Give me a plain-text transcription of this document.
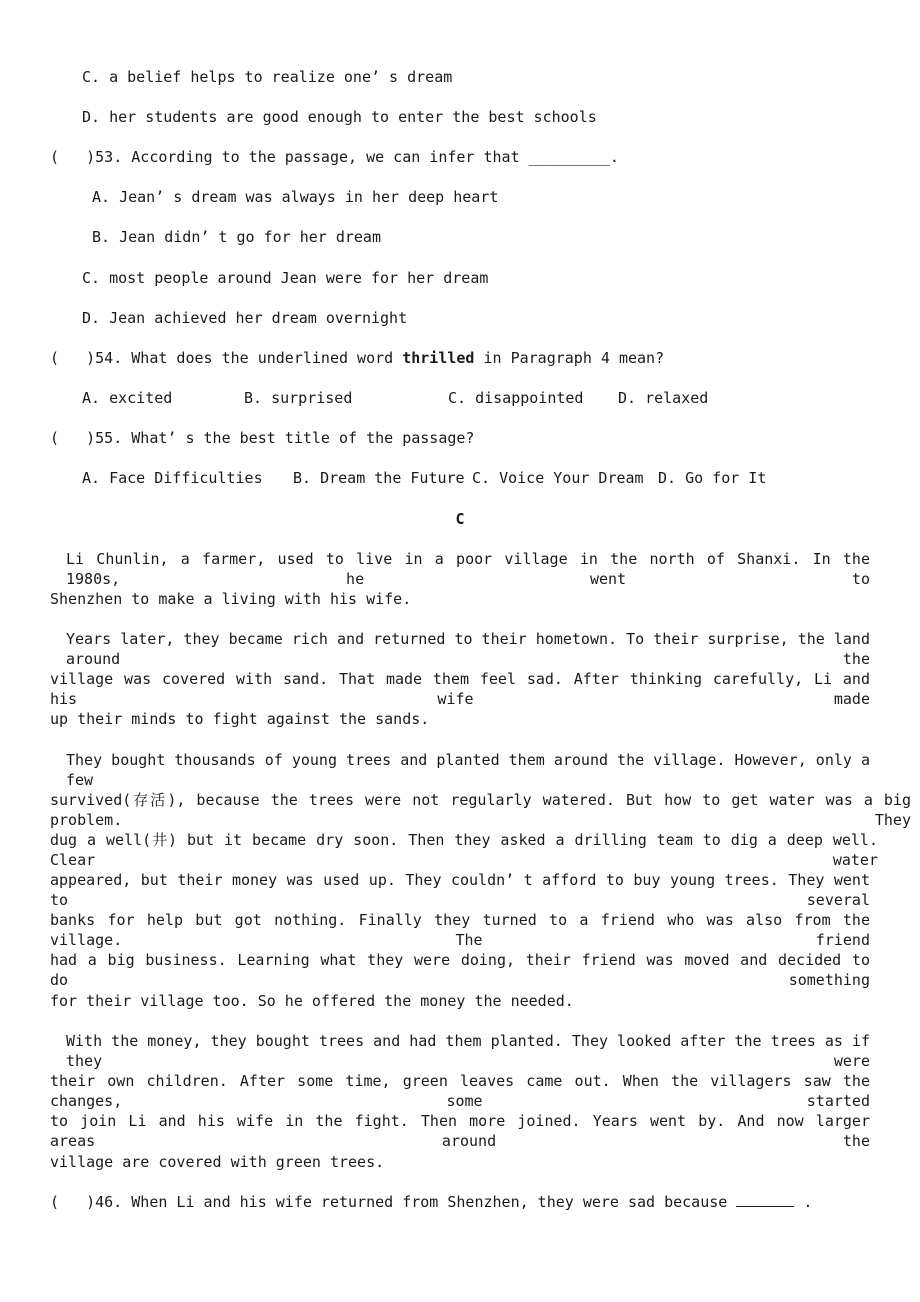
C. a belief helps to realize one’ s dream
D. her students are good enough to enter the best schools
(   )53. According to the passage, we can infer that _________.
A. Jean’ s dream was always in her deep heart
B. Jean didn’ t go for her dream
C. most people around Jean were for her dream
D. Jean achieved her dream overnight
(   )54. What does the underlined word thrilled in Paragraph 4 mean?
A. excited	B. surprised	C. disappointed D. relaxed
(   )55. What’ s the best title of the passage?
A. Face Difficulties B. Dream the Future C. Voice Your Dream D. Go for It
C
Li Chunlin, a farmer, used to live in a poor village in the north of Shanxi. In the 1980s, he went to
Shenzhen to make a living with his wife.
Years later, they became rich and returned to their hometown. To their surprise, the land around the
village was covered with sand. That made them feel sad. After thinking carefully, Li and his wife made
up their minds to fight against the sands.
They bought thousands of young trees and planted them around the village. However, only a few
survived(存活), because the trees were not regularly watered. But how to get water was a big problem. They
dug a well(井) but it became dry soon. Then they asked a drilling team to dig a deep well. Clear water
appeared, but their money was used up. They couldn’ t afford to buy young trees. They went to several
banks for help but got nothing. Finally they turned to a friend who was also from the village. The friend
had a big business. Learning what they were doing, their friend was moved and decided to do something
for their village too. So he offered the money the needed.
With the money, they bought trees and had them planted. They looked after the trees as if they were
their own children. After some time, green leaves came out. When the villagers saw the changes, some started
to join Li and his wife in the fight. Then more joined. Years went by. And now larger areas around the
village are covered with green trees.
(   )46. When Li and his wife returned from Shenzhen, they were sad because	.
